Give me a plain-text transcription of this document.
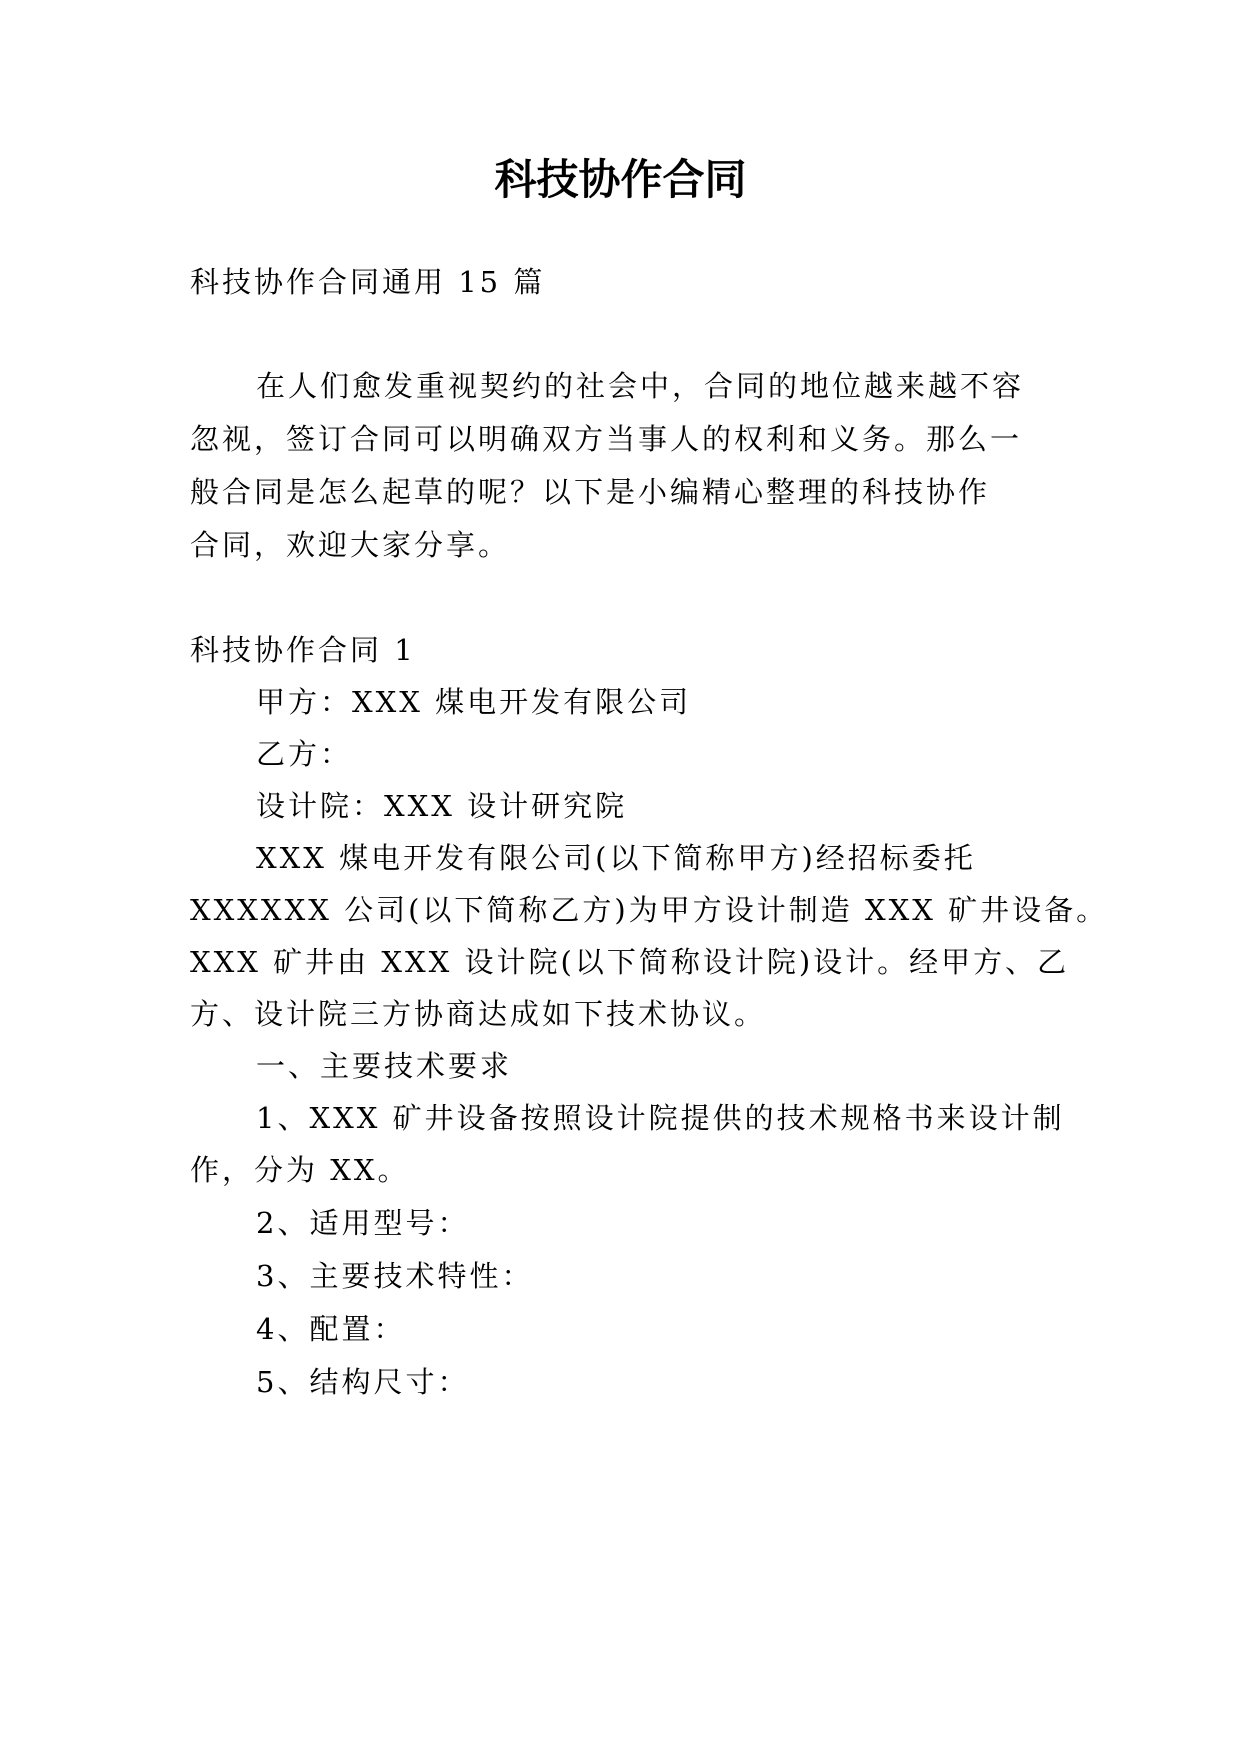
科技协作合同
科技协作合同通用 15 篇
在人们愈发重视契约的社会中，合同的地位越来越不容
忽视，签订合同可以明确双方当事人的权利和义务。那么一
般合同是怎么起草的呢？以下是小编精心整理的科技协作
合同，欢迎大家分享。
科技协作合同 1
甲方：XXX 煤电开发有限公司
乙方：
设计院：XXX 设计研究院
XXX 煤电开发有限公司(以下简称甲方)经招标委托
XXXXXX 公司(以下简称乙方)为甲方设计制造 XXX 矿井设备。
XXX 矿井由 XXX 设计院(以下简称设计院)设计。经甲方、乙
方、设计院三方协商达成如下技术协议。
一、主要技术要求
1、XXX 矿井设备按照设计院提供的技术规格书来设计制
作，分为 XX。
2、适用型号：
3、主要技术特性：
4、配置：
5、结构尺寸：
